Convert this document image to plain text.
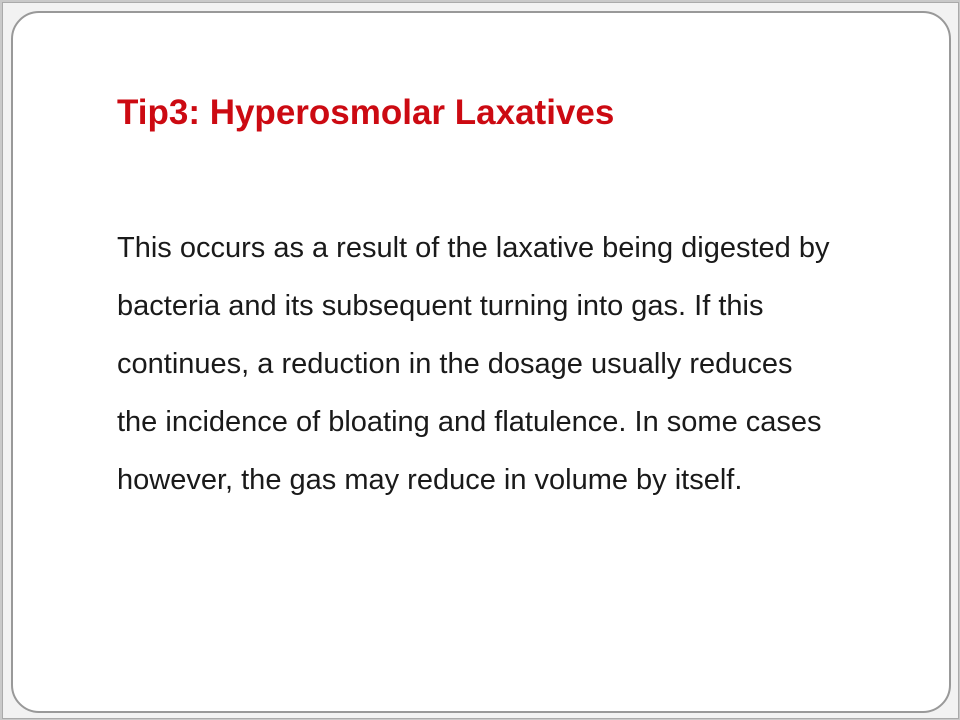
Tip3: Hyperosmolar Laxatives
This occurs as a result of the laxative being digested by
bacteria and its subsequent turning into gas. If this
continues, a reduction in the dosage usually reduces
the incidence of bloating and flatulence. In some cases
however, the gas may reduce in volume by itself.
